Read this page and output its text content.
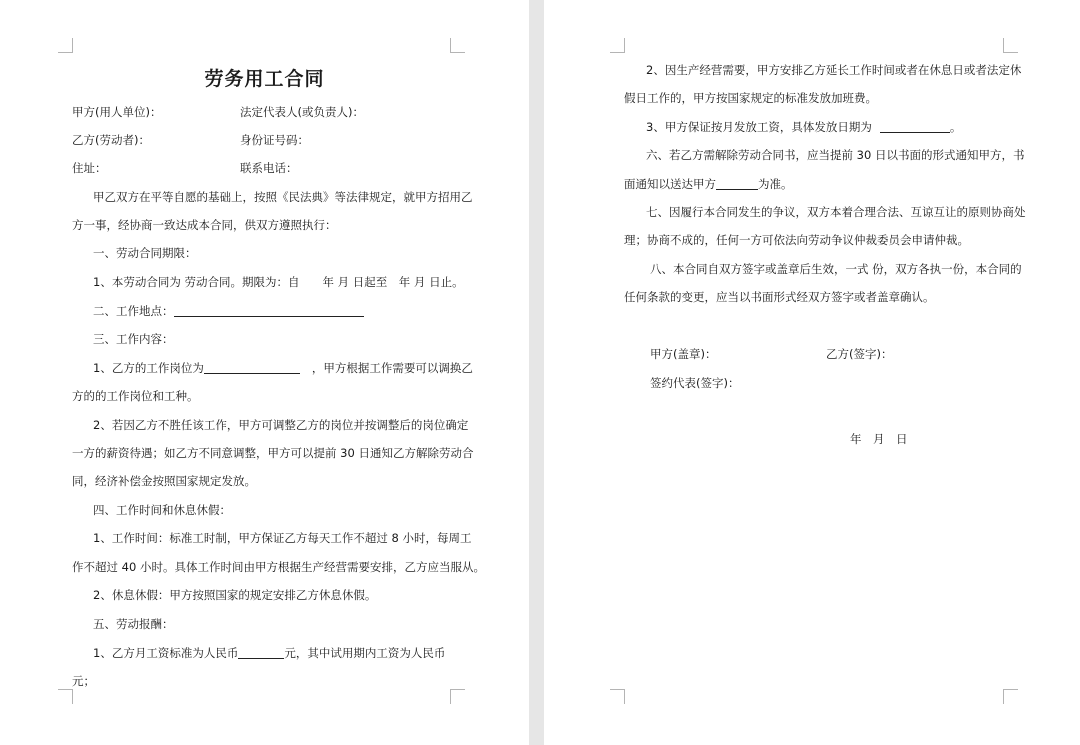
劳务用工合同
甲方(用人单位)：	法定代表人(或负责人)：
乙方(劳动者)：	身份证号码：
住址：	联系电话：
甲乙双方在平等自愿的基础上，按照《民法典》等法律规定，就甲方招用乙
方一事，经协商一致达成本合同，供双方遵照执行：
一、劳动合同期限：
1、本劳动合同为 劳动合同。期限为：自　　年 月 日起至　年 月 日止。
二、工作地点：
三、工作内容：
1、乙方的工作岗位为	，甲方根据工作需要可以调换乙
方的的工作岗位和工种。
2、若因乙方不胜任该工作，甲方可调整乙方的岗位并按调整后的岗位确定
一方的薪资待遇；如乙方不同意调整，甲方可以提前 30 日通知乙方解除劳动合
同，经济补偿金按照国家规定发放。
四、工作时间和休息休假：
1、工作时间：标准工时制，甲方保证乙方每天工作不超过 8 小时，每周工
作不超过 40 小时。具体工作时间由甲方根据生产经营需要安排，乙方应当服从。
2、休息休假：甲方按照国家的规定安排乙方休息休假。
五、劳动报酬：
1、乙方月工资标准为人民币	元，其中试用期内工资为人民币
元；
2、因生产经营需要，甲方安排乙方延长工作时间或者在休息日或者法定休
假日工作的，甲方按国家规定的标准发放加班费。
3、甲方保证按月发放工资，具体发放日期为	。
六、若乙方需解除劳动合同书，应当提前 30 日以书面的形式通知甲方，书
面通知以送达甲方	为准。
七、因履行本合同发生的争议，双方本着合理合法、互谅互让的原则协商处
理；协商不成的，任何一方可依法向劳动争议仲裁委员会申请仲裁。
八、本合同自双方签字或盖章后生效，一式 份，双方各执一份，本合同的
任何条款的变更，应当以书面形式经双方签字或者盖章确认。
甲方(盖章)：	乙方(签字)：
签约代表(签字)：
年　月　日
